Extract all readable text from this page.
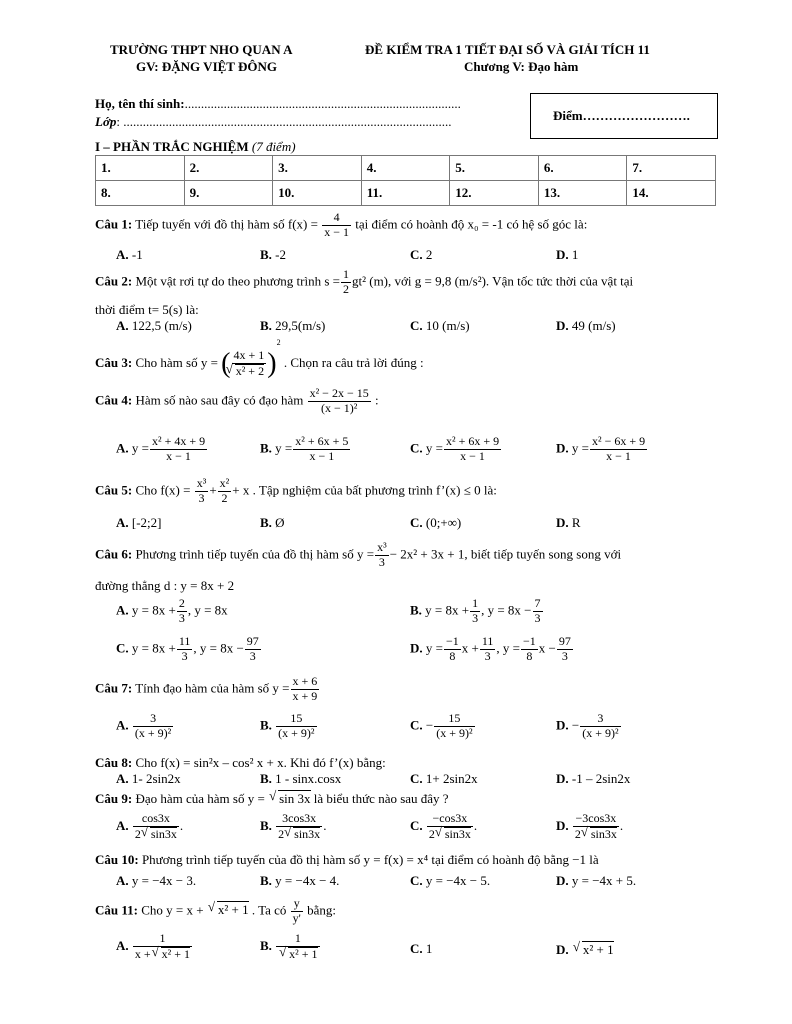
TRƯỜNG THPT NHO QUAN A
GV: ĐẶNG VIỆT ĐÔNG
ĐỀ KIỂM TRA 1 TIẾT ĐẠI SỐ VÀ GIẢI TÍCH 11
Chương V: Đạo hàm
Họ, tên thí sinh:.....................................................................................
Lớp: .....................................................................................................	Điểm…………………….
I – PHẦN TRẮC NGHIỆM (7 điểm)
1.	2.	3.	4.	5.	6.	7.
8.	9.	10.	11.	12.	13.	14.
Câu 1: Tiếp tuyến với đồ thị hàm số $f(x) = \frac{4}{x - 1}$ tại điểm có hoành độ x₀ = -1 có hệ số góc là:
A. -1	B. -2	C. 2	D. 1
Câu 2: Một vật rơi tự do theo phương trình $s = \frac{1}{2} gt^2$ (m), với g = 9,8 (m/s²). Vận tốc tức thời của vật tại
thời điểm t= 5(s) là:
A. 122,5 (m/s)	B. 29,5(m/s)	C. 10 (m/s)	D. 49 (m/s)
Câu 3: Cho hàm số y = ( 4x + 1
√ x² + 2 )$^2$ . Chọn ra câu trả lời đúng :
Câu 4: Hàm số nào sau đây có đạo hàm $\frac{\text{x² − 2x − 15}}{\text{(x − 1)²}}$ :
A. $y = \frac{\text{x² + 4x + 9}}{x - 1}$	B. $y = \frac{\text{x² + 6x + 5}}{x - 1}$	C. $y = \frac{\text{x² + 6x + 9}}{x - 1}$	D. $y = \frac{\text{x² − 6x + 9}}{x - 1}$
Câu 5: Cho $f(x) = \frac{\text{x³}}{3} + \frac{\text{x²}}{2} + x$ . Tập nghiệm của bất phương trình f’(x) ≤ 0 là:
A. [-2;2]	B. Ø	C. (0;+∞)	D. R
Câu 6: Phương trình tiếp tuyến của đồ thị hàm số $y = \frac{\text{x³}}{3} - 2x^2 + 3x + 1$, biết tiếp tuyến song song với
đường thẳng d : y = 8x + 2
A. $y = 8x + \frac{2}{3}$ , y = 8x	B. $y = 8x + \frac{1}{3}$ , $y = 8x - \frac{7}{3}$
C. $y = 8x + \frac{11}{3}$ , $y = 8x - \frac{97}{3}$	D. $y = \frac{-1}{8}$ $x + \frac{11}{3}$ , $y = \frac{-1}{8}$ $x - \frac{97}{3}$
Câu 7: Tính đạo hàm của hàm số $y = \frac{x + 6}{x + 9}$
A. $\frac{3}{\text{(x + 9)²}}$	B. $\frac{15}{\text{(x + 9)²}}$	C. − $\frac{15}{\text{(x + 9)²}}$	D. − $\frac{3}{\text{(x + 9)²}}$
Câu 8: Cho f(x) = sin²x – cos² x + x. Khi đó f’(x) bằng:
A. 1- 2sin2x	B. 1 - sinx.cosx	C. 1+ 2sin2x	D. -1 – 2sin2x
Câu 9: Đạo hàm của hàm số y = √ sin 3x là biểu thức nào sau đây ?
A. $\frac{\cos 3x}{2 √ \sin 3x}$ .	B. $\frac{3\cos 3x}{2 √ \sin 3x}$ .	C. $\frac{-\cos 3x}{2 √ \sin 3x}$ .	D. $\frac{-3\cos 3x}{2 √ \sin 3x}$ .
Câu 10: Phương trình tiếp tuyến của đồ thị hàm số y = f(x) = x⁴ tại điểm có hoành độ bằng −1 là
A. y = −4x − 3.	B. y = −4x − 4.	C. y = −4x − 5.	D. y = −4x + 5.
Câu 11: Cho y = x + √ x² + 1 . Ta có $\frac{y}{y'}$ bằng:
A. $\frac{1}{\text{x + √ x² + 1}}$	B. 1
√ x² + 1	C. 1	D. √ x² + 1
